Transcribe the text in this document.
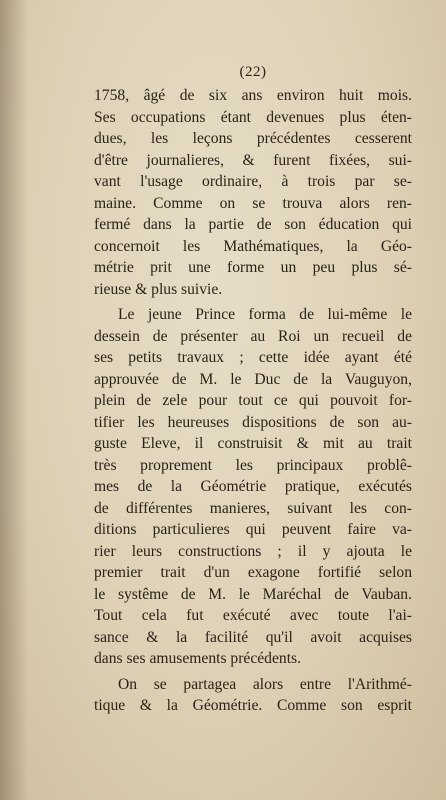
(22)
1758, âgé de six ans environ huit mois.
Ses occupations étant devenues plus éten-
dues, les leçons précédentes cesserent
d'être journalieres, & furent fixées, sui-
vant l'usage ordinaire, à trois par se-
maine. Comme on se trouva alors ren-
fermé dans la partie de son éducation qui
concernoit les Mathématiques, la Géo-
métrie prit une forme un peu plus sé-
rieuse & plus suivie.
Le jeune Prince forma de lui-même le
dessein de présenter au Roi un recueil de
ses petits travaux ; cette idée ayant été
approuvée de M. le Duc de la Vauguyon,
plein de zele pour tout ce qui pouvoit for-
tifier les heureuses dispositions de son au-
guste Eleve, il construisit & mit au trait
très proprement les principaux problê-
mes de la Géométrie pratique, exécutés
de différentes manieres, suivant les con-
ditions particulieres qui peuvent faire va-
rier leurs constructions ; il y ajouta le
premier trait d'un exagone fortifié selon
le systême de M. le Maréchal de Vauban.
Tout cela fut exécuté avec toute l'ai-
sance & la facilité qu'il avoit acquises
dans ses amusements précédents.
On se partagea alors entre l'Arithmé-
tique & la Géométrie. Comme son esprit
